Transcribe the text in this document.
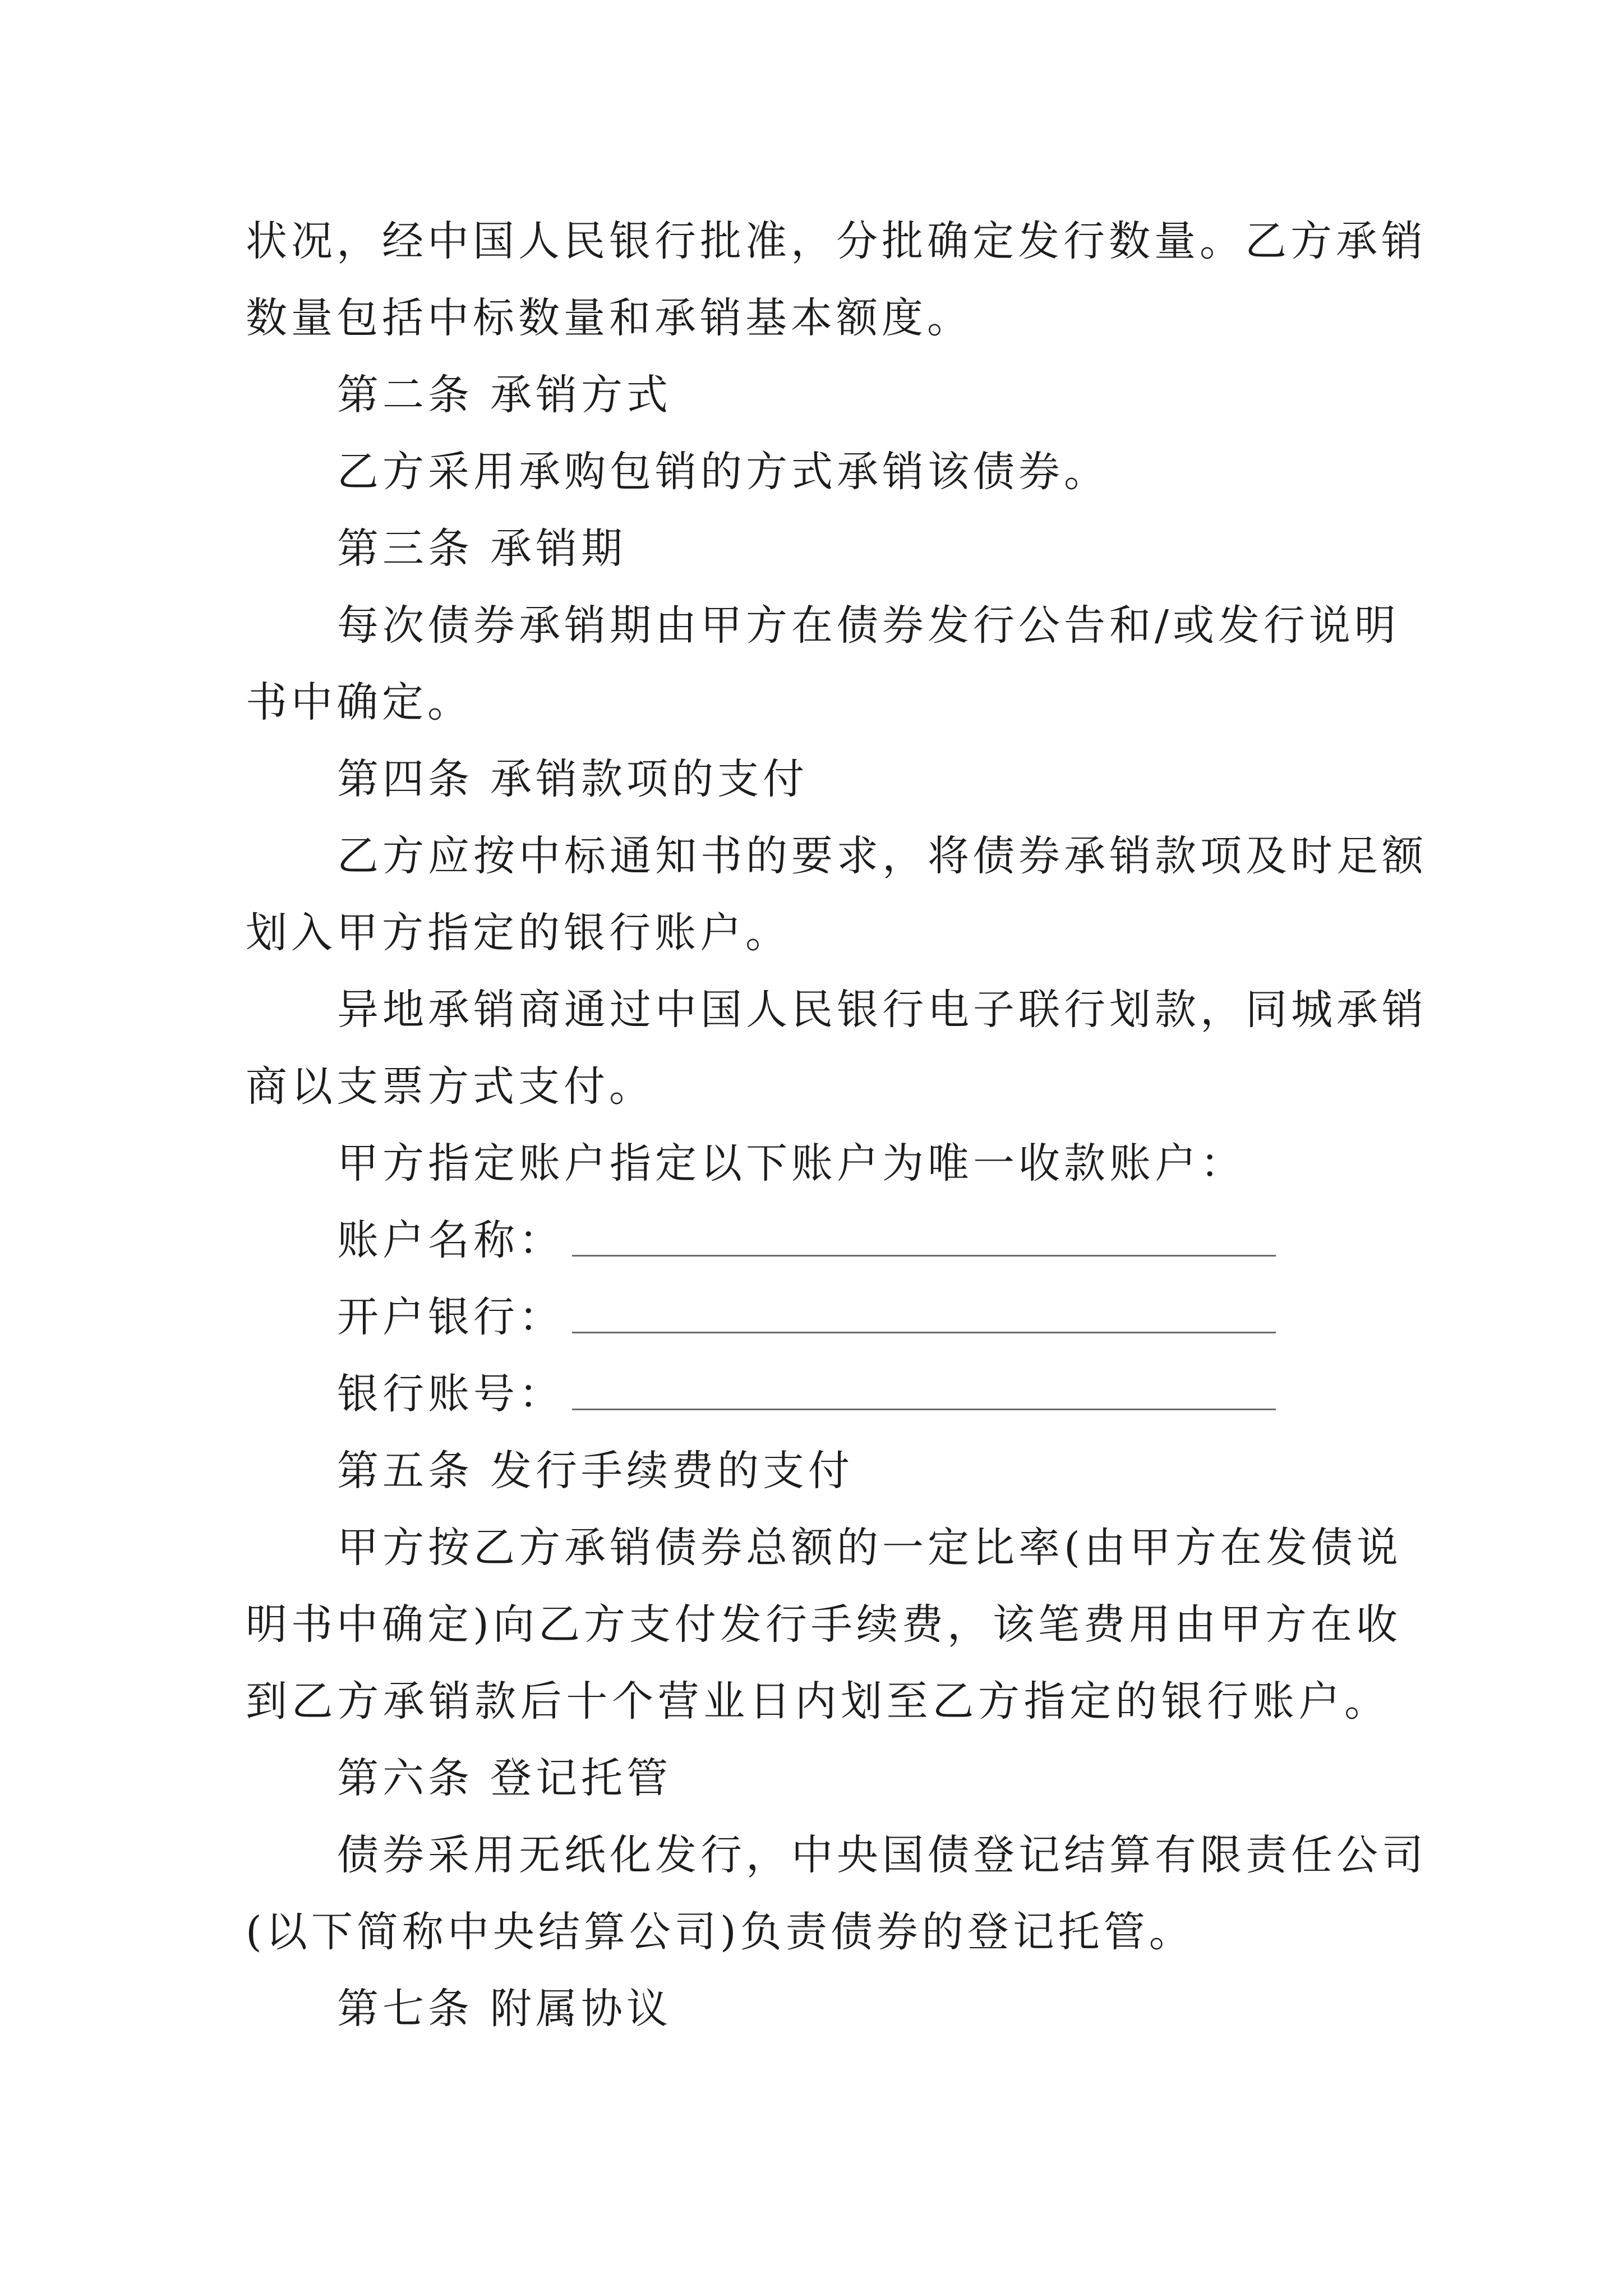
状况，经中国人民银行批准，分批确定发行数量。乙方承销
数量包括中标数量和承销基本额度。
第二条 承销方式
乙方采用承购包销的方式承销该债券。
第三条 承销期
每次债券承销期由甲方在债券发行公告和/或发行说明
书中确定。
第四条 承销款项的支付
乙方应按中标通知书的要求，将债券承销款项及时足额
划入甲方指定的银行账户。
异地承销商通过中国人民银行电子联行划款，同城承销
商以支票方式支付。
甲方指定账户指定以下账户为唯一收款账户：
账户名称：
开户银行：
银行账号：
第五条 发行手续费的支付
甲方按乙方承销债券总额的一定比率(由甲方在发债说
明书中确定)向乙方支付发行手续费，该笔费用由甲方在收
到乙方承销款后十个营业日内划至乙方指定的银行账户。
第六条 登记托管
债券采用无纸化发行，中央国债登记结算有限责任公司
(以下简称中央结算公司)负责债券的登记托管。
第七条 附属协议
